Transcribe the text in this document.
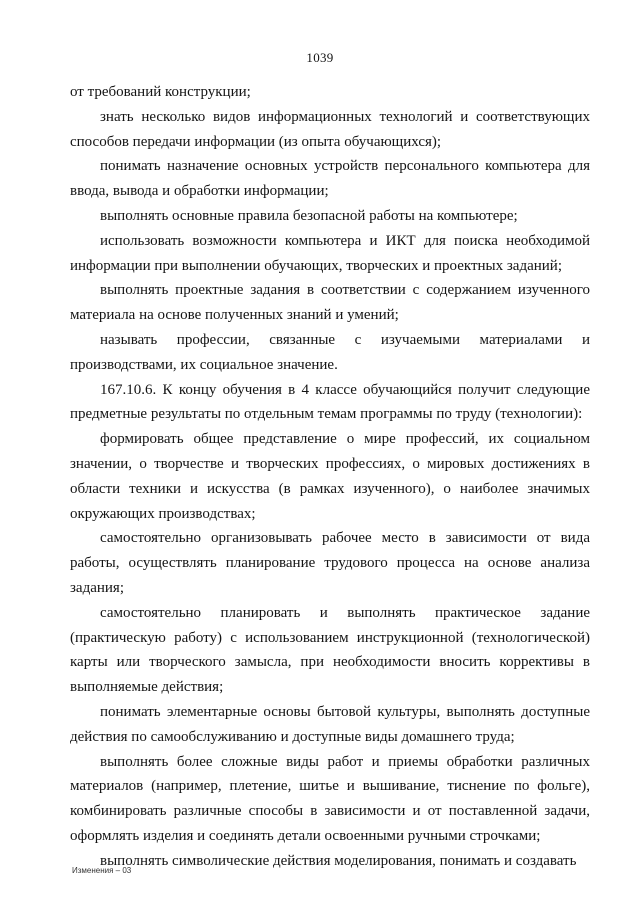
1039

от требований конструкции;

знать несколько видов информационных технологий и соответствующих способов передачи информации (из опыта обучающихся);

понимать назначение основных устройств персонального компьютера для ввода, вывода и обработки информации;

выполнять основные правила безопасной работы на компьютере;

использовать возможности компьютера и ИКТ для поиска необходимой информации при выполнении обучающих, творческих и проектных заданий;

выполнять проектные задания в соответствии с содержанием изученного материала на основе полученных знаний и умений;

называть профессии, связанные с изучаемыми материалами и производствами, их социальное значение.

167.10.6. К концу обучения в 4 классе обучающийся получит следующие предметные результаты по отдельным темам программы по труду (технологии):

формировать общее представление о мире профессий, их социальном значении, о творчестве и творческих профессиях, о мировых достижениях в области техники и искусства (в рамках изученного), о наиболее значимых окружающих производствах;

самостоятельно организовывать рабочее место в зависимости от вида работы, осуществлять планирование трудового процесса на основе анализа задания;

самостоятельно планировать и выполнять практическое задание (практическую работу) с использованием инструкционной (технологической) карты или творческого замысла, при необходимости вносить коррективы в выполняемые действия;

понимать элементарные основы бытовой культуры, выполнять доступные действия по самообслуживанию и доступные виды домашнего труда;

выполнять более сложные виды работ и приемы обработки различных материалов (например, плетение, шитье и вышивание, тиснение по фольге), комбинировать различные способы в зависимости и от поставленной задачи, оформлять изделия и соединять детали освоенными ручными строчками;

выполнять символические действия моделирования, понимать и создавать

Изменения – 03
